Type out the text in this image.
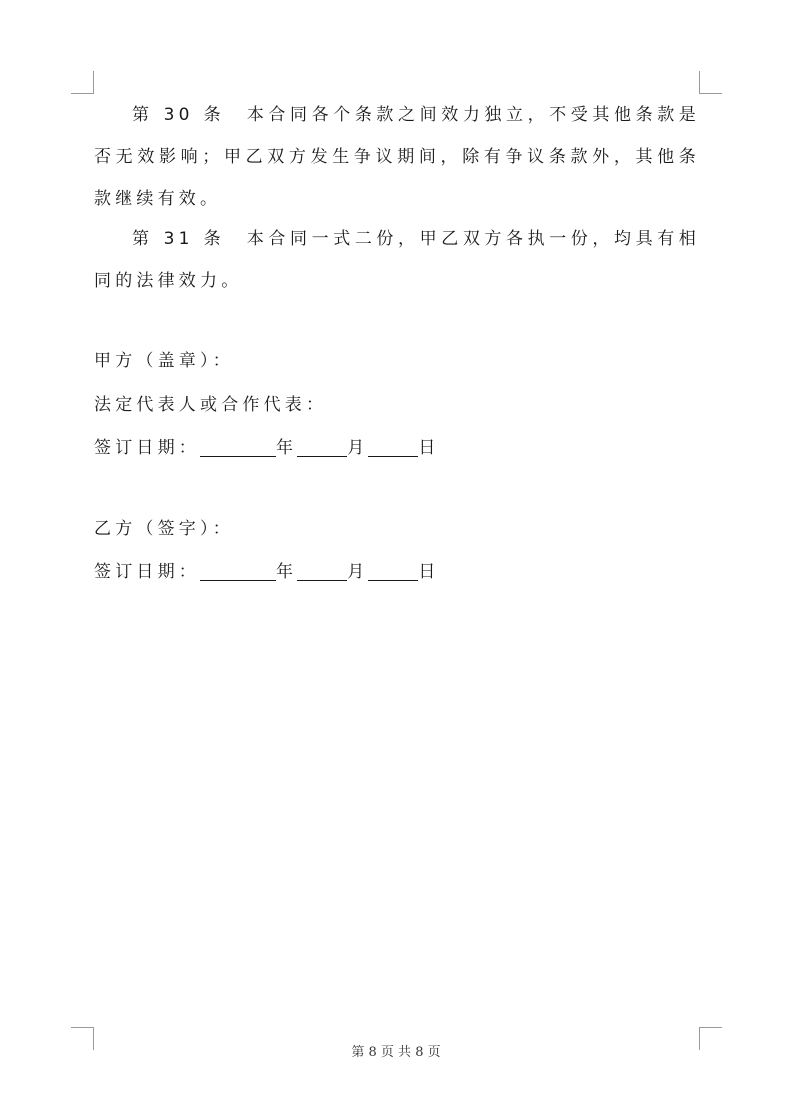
第 30 条  本合同各个条款之间效力独立，不受其他条款是否无效影响；甲乙双方发生争议期间，除有争议条款外，其他条款继续有效。

第 31 条  本合同一式二份，甲乙双方各执一份，均具有相同的法律效力。

甲方（盖章）：

法定代表人或合作代表：

签订日期：	年	月	日

乙方（签字）：

签订日期：	年	月	日

第 8 页 共 8 页
